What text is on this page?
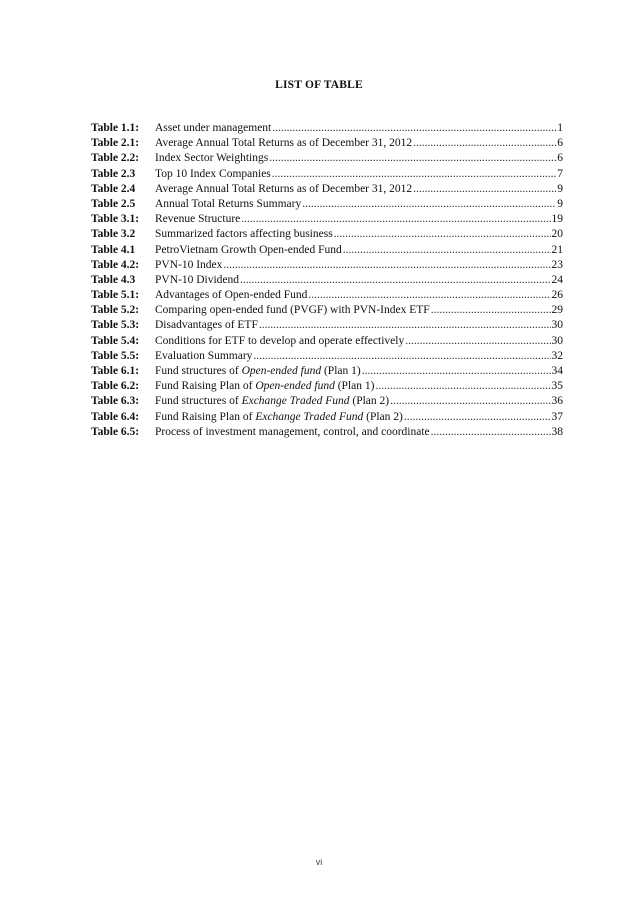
LIST OF TABLE
Table 1.1:	Asset under management .....	1
Table 2.1:	Average Annual Total Returns as of December 31, 2012 .....	6
Table 2.2:	Index Sector Weightings .....	6
Table 2.3	Top 10 Index Companies .....	7
Table 2.4	Average Annual Total Returns as of December 31, 2012 .....	9
Table 2.5	Annual Total Returns Summary .....	9
Table 3.1:	Revenue Structure .....	19
Table 3.2	Summarized factors affecting business .....	20
Table 4.1	PetroVietnam Growth Open-ended Fund .....	21
Table 4.2:	PVN-10 Index .....	23
Table 4.3	PVN-10 Dividend .....	24
Table 5.1:	Advantages of Open-ended Fund .....	26
Table 5.2:	Comparing open-ended fund (PVGF) with PVN-Index ETF .....	29
Table 5.3:	Disadvantages of ETF .....	30
Table 5.4:	Conditions for ETF to develop and operate effectively .....	30
Table 5.5:	Evaluation Summary .....	32
Table 6.1:	Fund structures of Open-ended fund (Plan 1) .....	34
Table 6.2:	Fund Raising Plan of Open-ended fund (Plan 1) .....	35
Table 6.3:	Fund structures of Exchange Traded Fund (Plan 2) .....	36
Table 6.4:	Fund Raising Plan of Exchange Traded Fund (Plan 2) .....	37
Table 6.5:	Process of investment management, control, and coordinate .....	38
vi
